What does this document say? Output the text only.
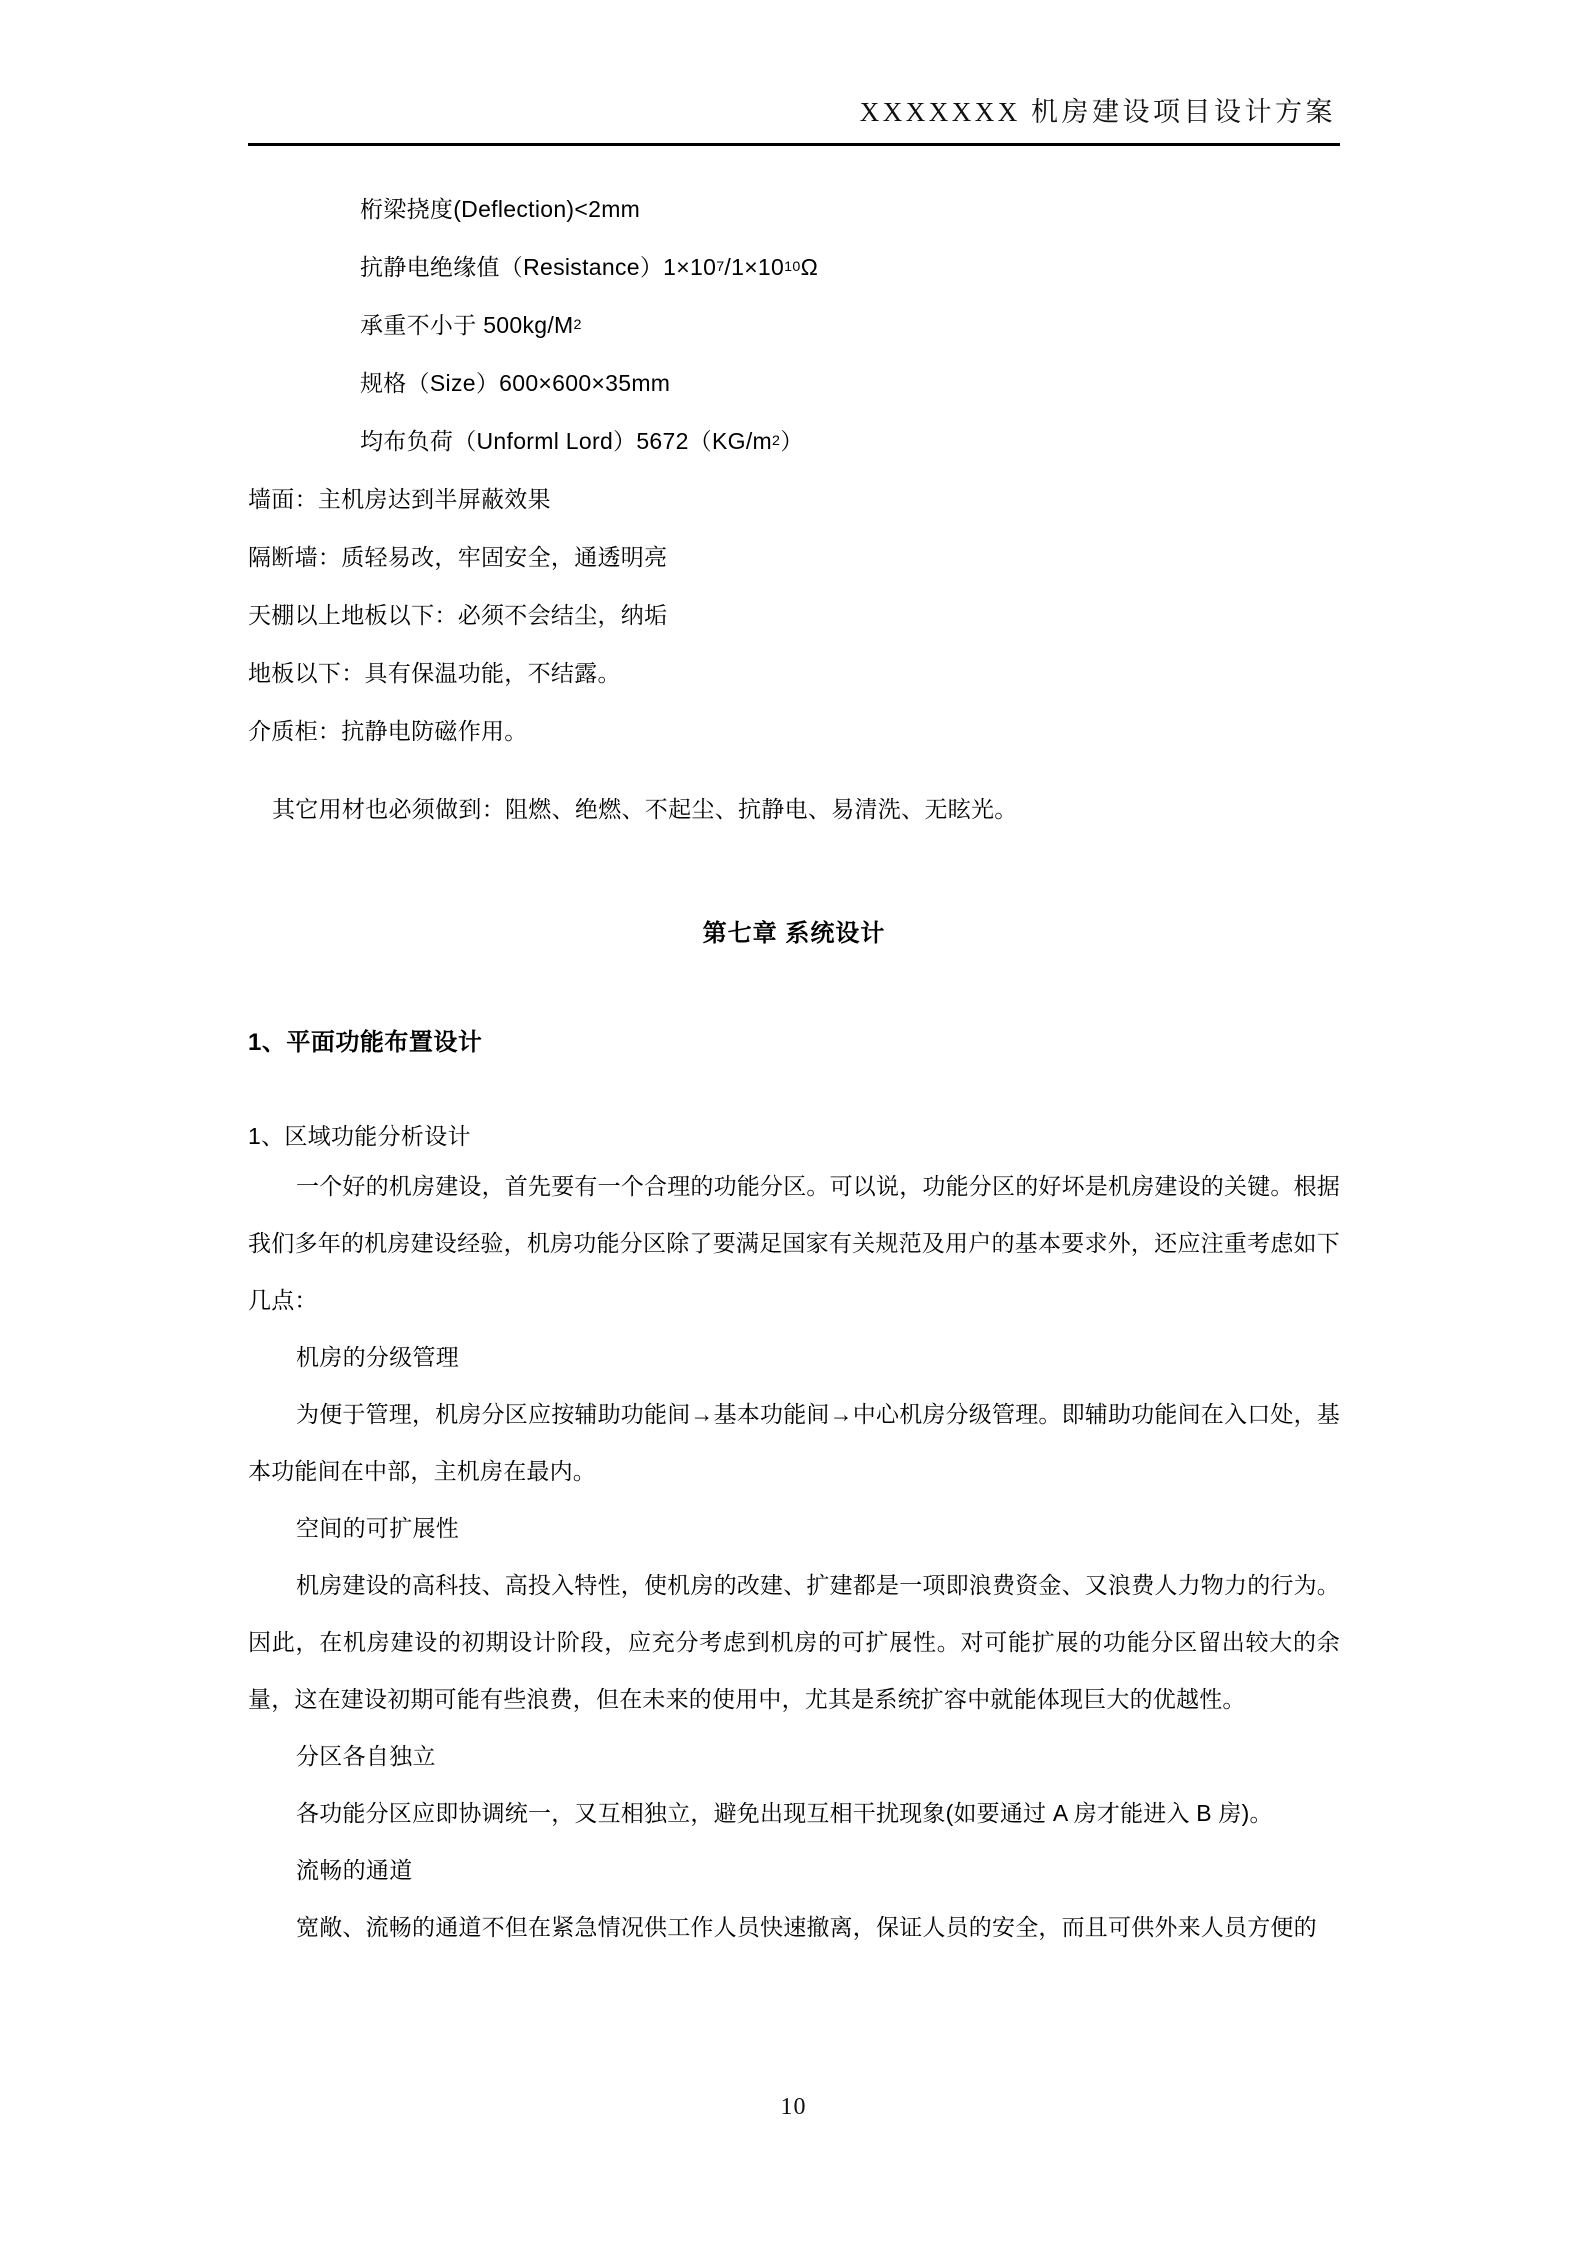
XXXXXXX 机房建设项目设计方案

桁梁挠度(Deflection)<2mm

抗静电绝缘值（Resistance）1×10 7 /1×10 10 Ω

承重不小于 500kg/M 2

规格（Size）600×600×35mm

均布负荷（Unforml Lord）5672（KG/m 2 ）

墙面：主机房达到半屏蔽效果

隔断墙：质轻易改，牢固安全，通透明亮

天棚以上地板以下：必须不会结尘，纳垢

地板以下：具有保温功能，不结露。

介质柜：抗静电防磁作用。

其它用材也必须做到：阻燃、绝燃、不起尘、抗静电、易清洗、无眩光。

第七章 系统设计
1、平面功能布置设计
1、区域功能分析设计

一个好的机房建设，首先要有一个合理的功能分区。可以说，功能分区的好坏是机房建设的关键。根据我们多年的机房建设经验，机房功能分区除了要满足国家有关规范及用户的基本要求外，还应注重考虑如下几点：

机房的分级管理

为便于管理，机房分区应按辅助功能间→基本功能间→中心机房分级管理。即辅助功能间在入口处，基本功能间在中部，主机房在最内。

空间的可扩展性

机房建设的高科技、高投入特性，使机房的改建、扩建都是一项即浪费资金、又浪费人力物力的行为。因此，在机房建设的初期设计阶段，应充分考虑到机房的可扩展性。对可能扩展的功能分区留出较大的余量，这在建设初期可能有些浪费，但在未来的使用中，尤其是系统扩容中就能体现巨大的优越性。

分区各自独立

各功能分区应即协调统一，又互相独立，避免出现互相干扰现象(如要通过 A 房才能进入 B 房)。

流畅的通道

宽敞、流畅的通道不但在紧急情况供工作人员快速撤离，保证人员的安全，而且可供外来人员方便的

10
